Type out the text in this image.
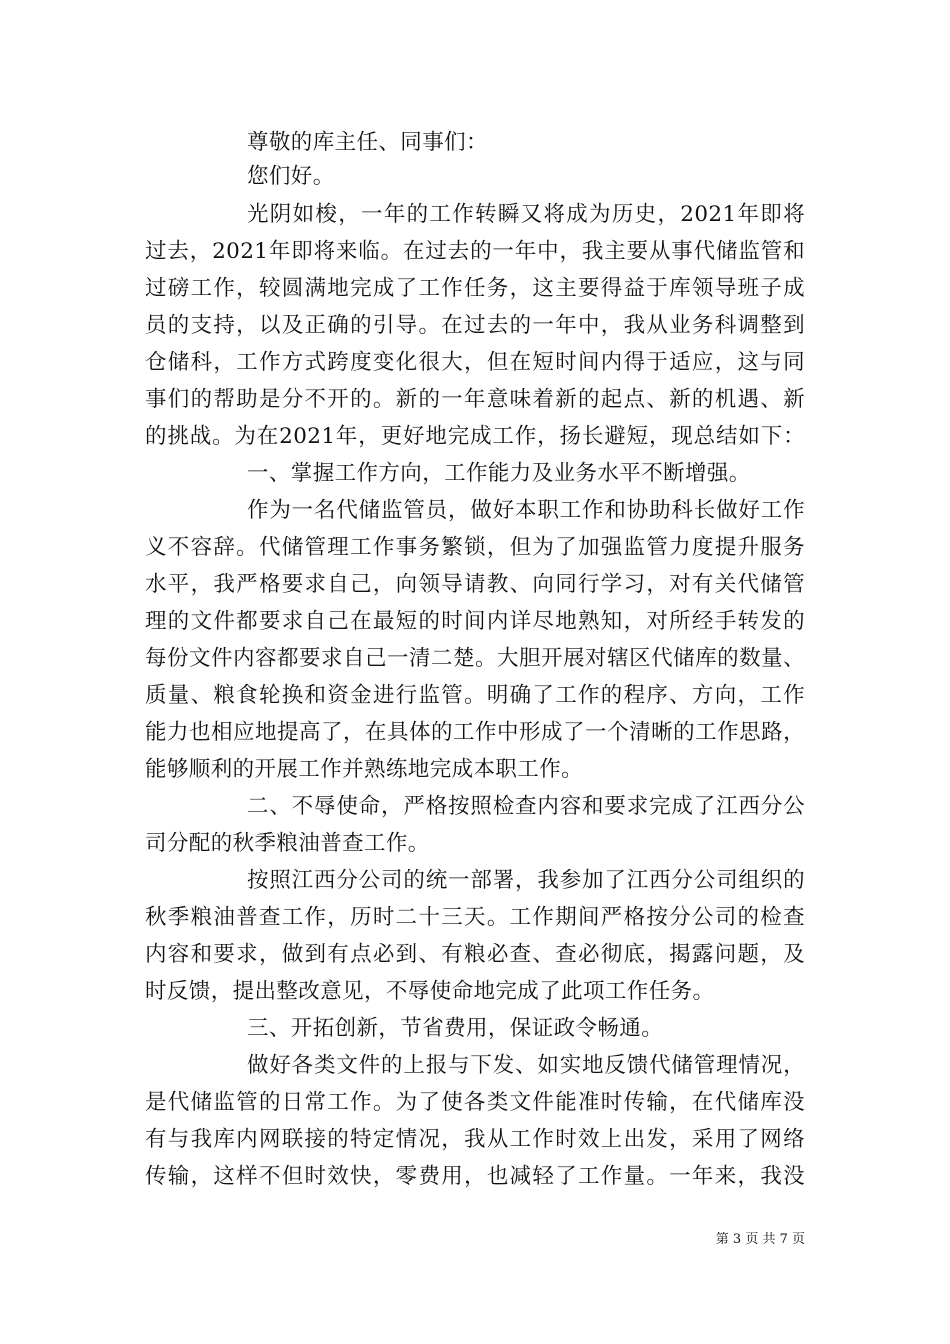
尊敬的库主任、同事们：
您们好。
光阴如梭，一年的工作转瞬又将成为历史，2021年即将
过去，2021年即将来临。在过去的一年中，我主要从事代储监管和
过磅工作，较圆满地完成了工作任务，这主要得益于库领导班子成
员的支持，以及正确的引导。在过去的一年中，我从业务科调整到
仓储科，工作方式跨度变化很大，但在短时间内得于适应，这与同
事们的帮助是分不开的。新的一年意味着新的起点、新的机遇、新
的挑战。为在2021年，更好地完成工作，扬长避短，现总结如下：
一、掌握工作方向，工作能力及业务水平不断增强。
作为一名代储监管员，做好本职工作和协助科长做好工作
义不容辞。代储管理工作事务繁锁，但为了加强监管力度提升服务
水平，我严格要求自己，向领导请教、向同行学习，对有关代储管
理的文件都要求自己在最短的时间内详尽地熟知，对所经手转发的
每份文件内容都要求自己一清二楚。大胆开展对辖区代储库的数量、
质量、粮食轮换和资金进行监管。明确了工作的程序、方向，工作
能力也相应地提高了，在具体的工作中形成了一个清晰的工作思路，
能够顺利的开展工作并熟练地完成本职工作。
二、不辱使命，严格按照检查内容和要求完成了江西分公
司分配的秋季粮油普查工作。
按照江西分公司的统一部署，我参加了江西分公司组织的
秋季粮油普查工作，历时二十三天。工作期间严格按分公司的检查
内容和要求，做到有点必到、有粮必查、查必彻底，揭露问题，及
时反馈，提出整改意见，不辱使命地完成了此项工作任务。
三、开拓创新，节省费用，保证政令畅通。
做好各类文件的上报与下发、如实地反馈代储管理情况，
是代储监管的日常工作。为了使各类文件能准时传输，在代储库没
有与我库内网联接的特定情况，我从工作时效上出发，采用了网络
传输，这样不但时效快，零费用，也减轻了工作量。一年来，我没
第 3 页 共 7 页
